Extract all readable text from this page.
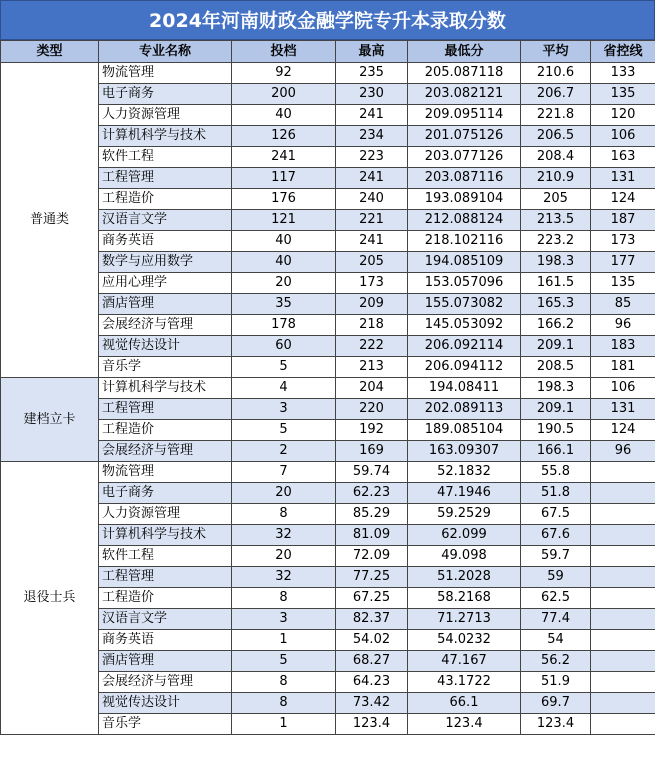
2024年河南财政金融学院专升本录取分数
类型	专业名称	投档	最高	最低分	平均	省控线
普通类	物流管理	92	235	205.087118	210.6	133
	电子商务	200	230	203.082121	206.7	135
	人力资源管理	40	241	209.095114	221.8	120
	计算机科学与技术	126	234	201.075126	206.5	106
	软件工程	241	223	203.077126	208.4	163
	工程管理	117	241	203.087116	210.9	131
	工程造价	176	240	193.089104	205	124
	汉语言文学	121	221	212.088124	213.5	187
	商务英语	40	241	218.102116	223.2	173
	数学与应用数学	40	205	194.085109	198.3	177
	应用心理学	20	173	153.057096	161.5	135
	酒店管理	35	209	155.073082	165.3	85
	会展经济与管理	178	218	145.053092	166.2	96
	视觉传达设计	60	222	206.092114	209.1	183
	音乐学	5	213	206.094112	208.5	181
建档立卡	计算机科学与技术	4	204	194.08411	198.3	106
	工程管理	3	220	202.089113	209.1	131
	工程造价	5	192	189.085104	190.5	124
	会展经济与管理	2	169	163.09307	166.1	96
退役士兵	物流管理	7	59.74	52.1832	55.8	
	电子商务	20	62.23	47.1946	51.8	
	人力资源管理	8	85.29	59.2529	67.5	
	计算机科学与技术	32	81.09	62.099	67.6	
	软件工程	20	72.09	49.098	59.7	
	工程管理	32	77.25	51.2028	59	
	工程造价	8	67.25	58.2168	62.5	
	汉语言文学	3	82.37	71.2713	77.4	
	商务英语	1	54.02	54.0232	54	
	酒店管理	5	68.27	47.167	56.2	
	会展经济与管理	8	64.23	43.1722	51.9	
	视觉传达设计	8	73.42	66.1	69.7	
	音乐学	1	123.4	123.4	123.4	
